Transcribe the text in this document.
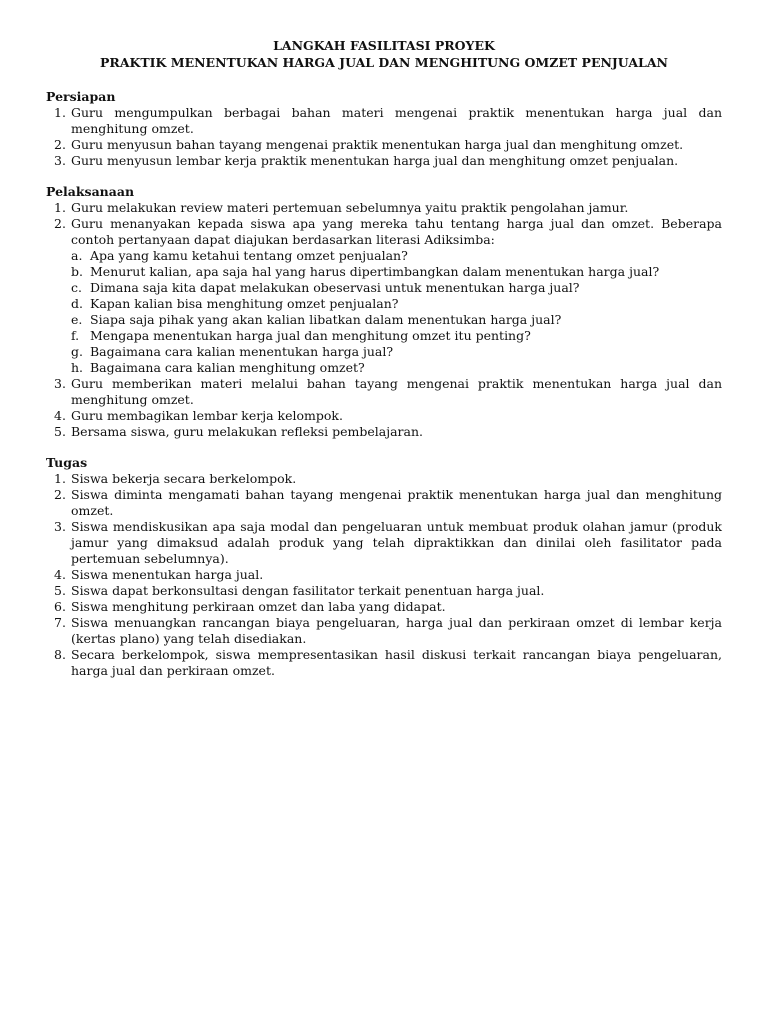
LANGKAH FASILITASI PROYEK

PRAKTIK MENENTUKAN HARGA JUAL DAN MENGHITUNG OMZET PENJUALAN

Persiapan

1. Guru mengumpulkan berbagai bahan materi mengenai praktik menentukan harga jual dan menghitung omzet.
2. Guru menyusun bahan tayang mengenai praktik menentukan harga jual dan menghitung omzet.
3. Guru menyusun lembar kerja praktik menentukan harga jual dan menghitung omzet penjualan.

Pelaksanaan

1. Guru melakukan review materi pertemuan sebelumnya yaitu praktik pengolahan jamur.
2. Guru menanyakan kepada siswa apa yang mereka tahu tentang harga jual dan omzet. Beberapa contoh pertanyaan dapat diajukan berdasarkan literasi Adiksimba:
a. Apa yang kamu ketahui tentang omzet penjualan?
b. Menurut kalian, apa saja hal yang harus dipertimbangkan dalam menentukan harga jual?
c. Dimana saja kita dapat melakukan obeservasi untuk menentukan harga jual?
d. Kapan kalian bisa menghitung omzet penjualan?
e. Siapa saja pihak yang akan kalian libatkan dalam menentukan harga jual?
f. Mengapa menentukan harga jual dan menghitung omzet itu penting?
g. Bagaimana cara kalian menentukan harga jual?
h. Bagaimana cara kalian menghitung omzet?
3. Guru memberikan materi melalui bahan tayang mengenai praktik menentukan harga jual dan menghitung omzet.
4. Guru membagikan lembar kerja kelompok.
5. Bersama siswa, guru melakukan refleksi pembelajaran.

Tugas

1. Siswa bekerja secara berkelompok.
2. Siswa diminta mengamati bahan tayang mengenai praktik menentukan harga jual dan menghitung omzet.
3. Siswa mendiskusikan apa saja modal dan pengeluaran untuk membuat produk olahan jamur (produk jamur yang dimaksud adalah produk yang telah dipraktikkan dan dinilai oleh fasilitator pada pertemuan sebelumnya).
4. Siswa menentukan harga jual.
5. Siswa dapat berkonsultasi dengan fasilitator terkait penentuan harga jual.
6. Siswa menghitung perkiraan omzet dan laba yang didapat.
7. Siswa menuangkan rancangan biaya pengeluaran, harga jual dan perkiraan omzet di lembar kerja (kertas plano) yang telah disediakan.
8. Secara berkelompok, siswa mempresentasikan hasil diskusi terkait rancangan biaya pengeluaran, harga jual dan perkiraan omzet.
